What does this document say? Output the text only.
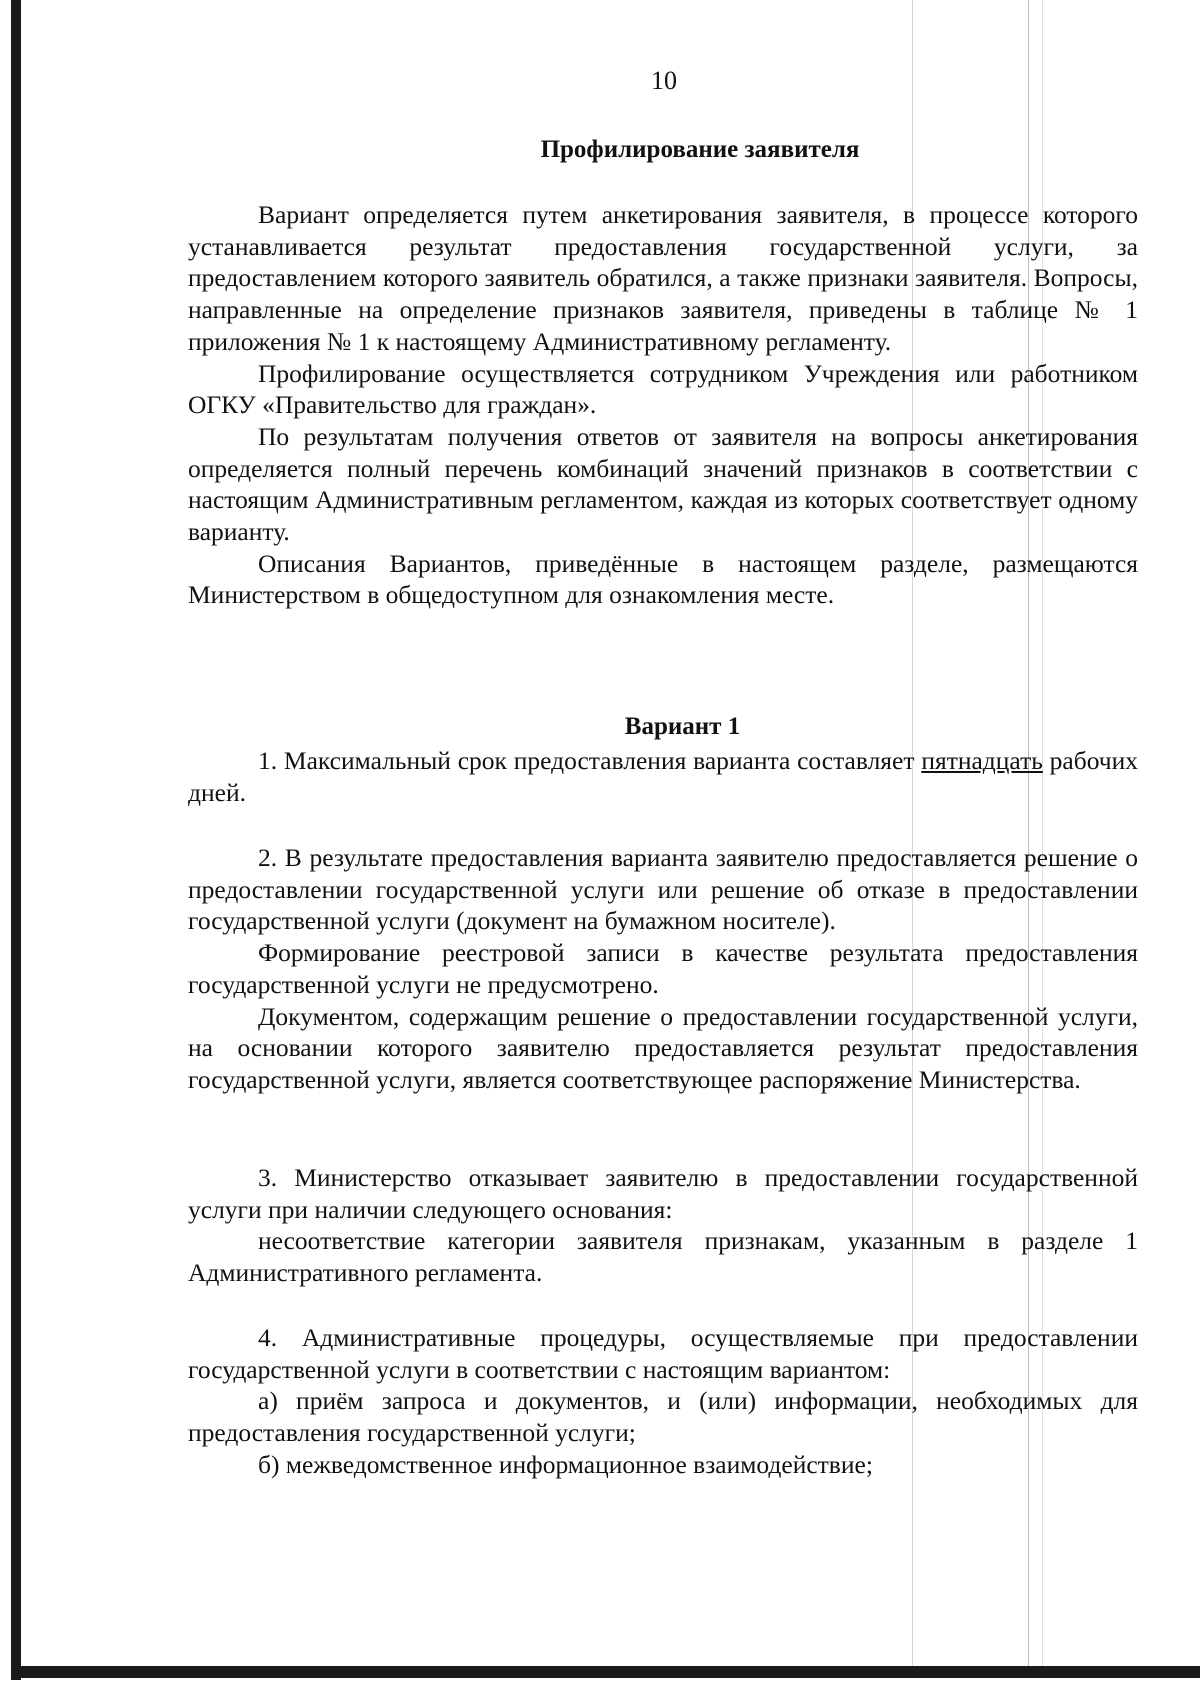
10
Профилирование заявителя

Вариант определяется путем анкетирования заявителя, в процессе которого устанавливается результат предоставления государственной услуги, за предоставлением которого заявитель обратился, а также признаки заявителя. Вопросы, направленные на определение признаков заявителя, приведены в таблице № 1 приложения № 1 к настоящему Административному регламенту.

Профилирование осуществляется сотрудником Учреждения или работником ОГКУ «Правительство для граждан».

По результатам получения ответов от заявителя на вопросы анкетирования определяется полный перечень комбинаций значений признаков в соответствии с настоящим Административным регламентом, каждая из которых соответствует одному варианту.

Описания Вариантов, приведённые в настоящем разделе, размещаются Министерством в общедоступном для ознакомления месте.

Вариант 1

1. Максимальный срок предоставления варианта составляет пятнадцать рабочих дней.

2. В результате предоставления варианта заявителю предоставляется решение о предоставлении государственной услуги или решение об отказе в предоставлении государственной услуги (документ на бумажном носителе).

Формирование реестровой записи в качестве результата предоставления государственной услуги не предусмотрено.

Документом, содержащим решение о предоставлении государственной услуги, на основании которого заявителю предоставляется результат предоставления государственной услуги, является соответствующее распоряжение Министерства.

3. Министерство отказывает заявителю в предоставлении государственной услуги при наличии следующего основания:

несоответствие категории заявителя признакам, указанным в разделе 1 Административного регламента.

4. Административные процедуры, осуществляемые при предоставлении государственной услуги в соответствии с настоящим вариантом:

а) приём запроса и документов, и (или) информации, необходимых для предоставления государственной услуги;

б) межведомственное информационное взаимодействие;
